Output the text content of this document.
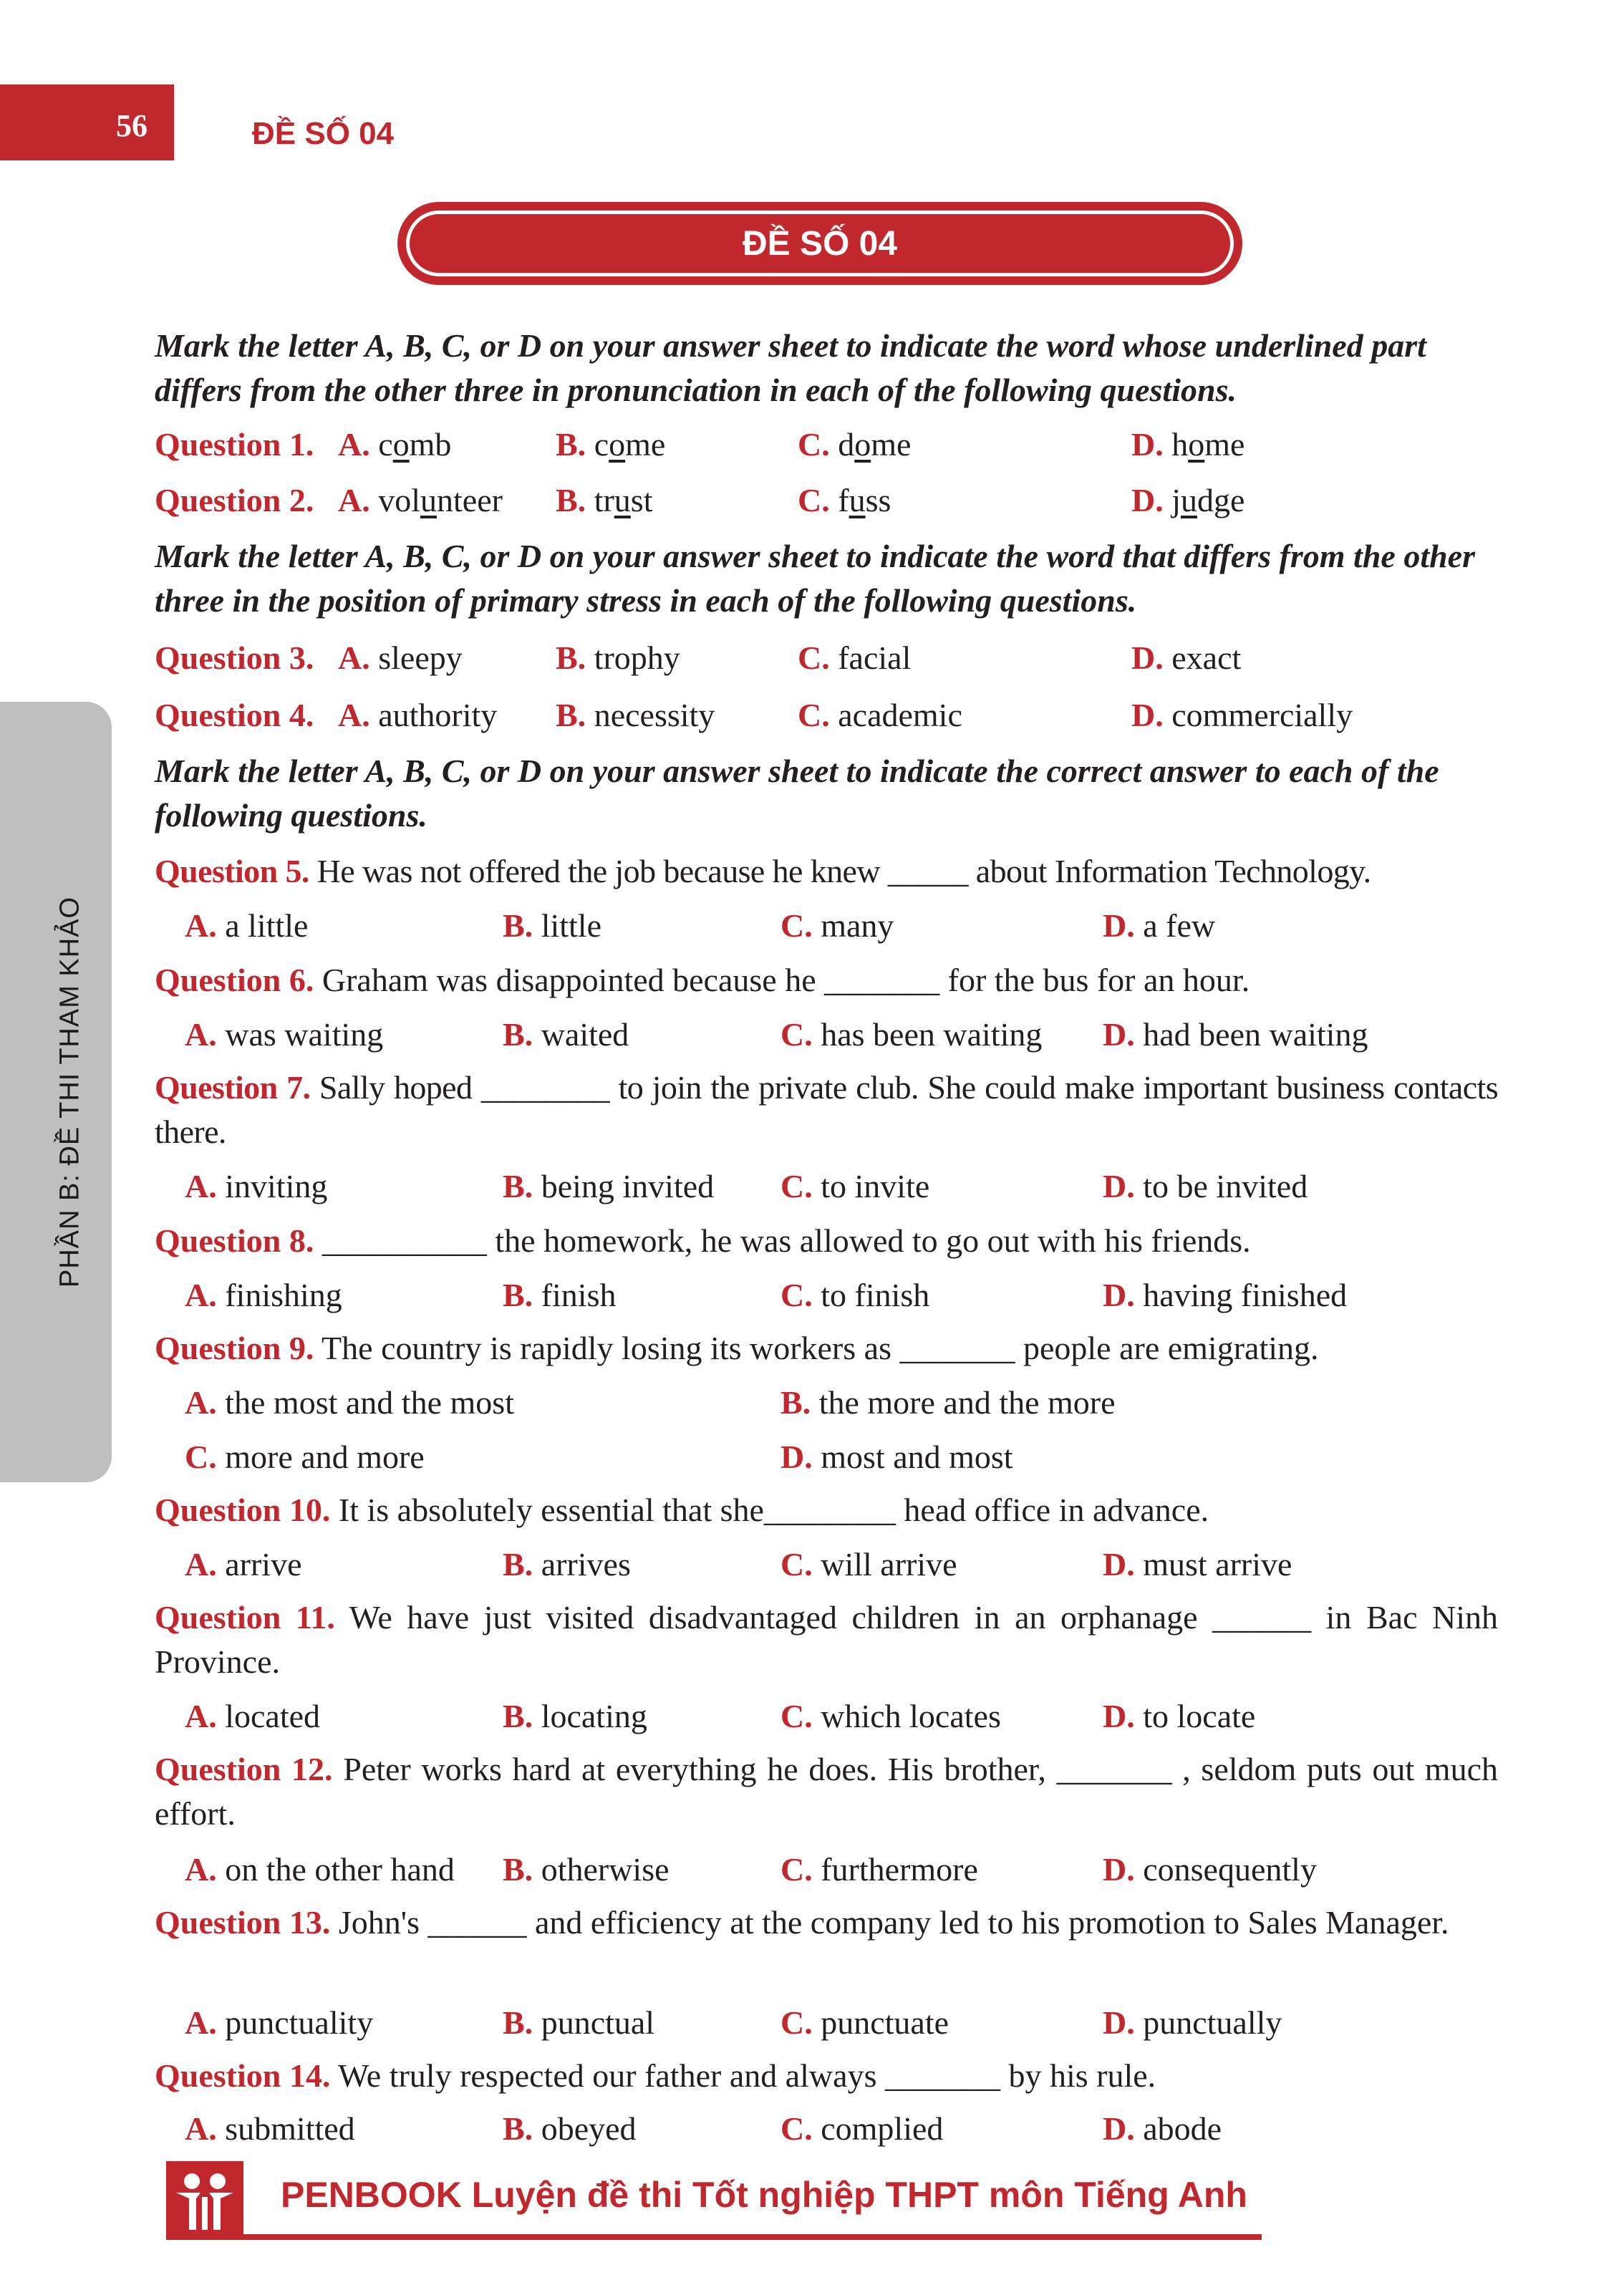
56	ĐỀ SỐ 04
ĐỀ SỐ 04
PHẦN B: ĐỀ THI THAM KHẢO
Mark the letter A, B, C, or D on your answer sheet to indicate the word whose underlined part differs from the other three in pronunciation in each of the following questions.
Question 1. A. comb	B. come	C. dome	D. home
Question 2. A. volunteer B. trust	C. fuss	D. judge
Mark the letter A, B, C, or D on your answer sheet to indicate the word that differs from the other three in the position of primary stress in each of the following questions.
Question 3. A. sleepy	B. trophy	C. facial	D. exact
Question 4. A. authority B. necessity	C. academic	D. commercially
Mark the letter A, B, C, or D on your answer sheet to indicate the correct answer to each of the following questions.
Question 5. He was not offered the job because he knew _____ about Information Technology.
A. a little	B. little	C. many	D. a few
Question 6. Graham was disappointed because he _______ for the bus for an hour.
A. was waiting	B. waited	C. has been waiting D. had been waiting
Question 7. Sally hoped ________ to join the private club. She could make important business contacts there.
A. inviting	B. being invited C. to invite	D. to be invited
Question 8. __________ the homework, he was allowed to go out with his friends.
A. finishing	B. finish	C. to finish	D. having finished
Question 9. The country is rapidly losing its workers as _______ people are emigrating.
A. the most and the most	B. the more and the more
C. more and more	D. most and most
Question 10. It is absolutely essential that she________ head office in advance.
A. arrive	B. arrives	C. will arrive	D. must arrive
Question 11. We have just visited disadvantaged children in an orphanage ______ in Bac Ninh Province.
A. located	B. locating	C. which locates	D. to locate
Question 12. Peter works hard at everything he does. His brother, _______ , seldom puts out much effort.
A. on the other hand B. otherwise	C. furthermore	D. consequently
Question 13. John's ______ and efficiency at the company led to his promotion to Sales Manager.
A. punctuality	B. punctual	C. punctuate	D. punctually
Question 14. We truly respected our father and always _______ by his rule.
A. submitted	B. obeyed	C. complied	D. abode
PENBOOK Luyện đề thi Tốt nghiệp THPT môn Tiếng Anh
